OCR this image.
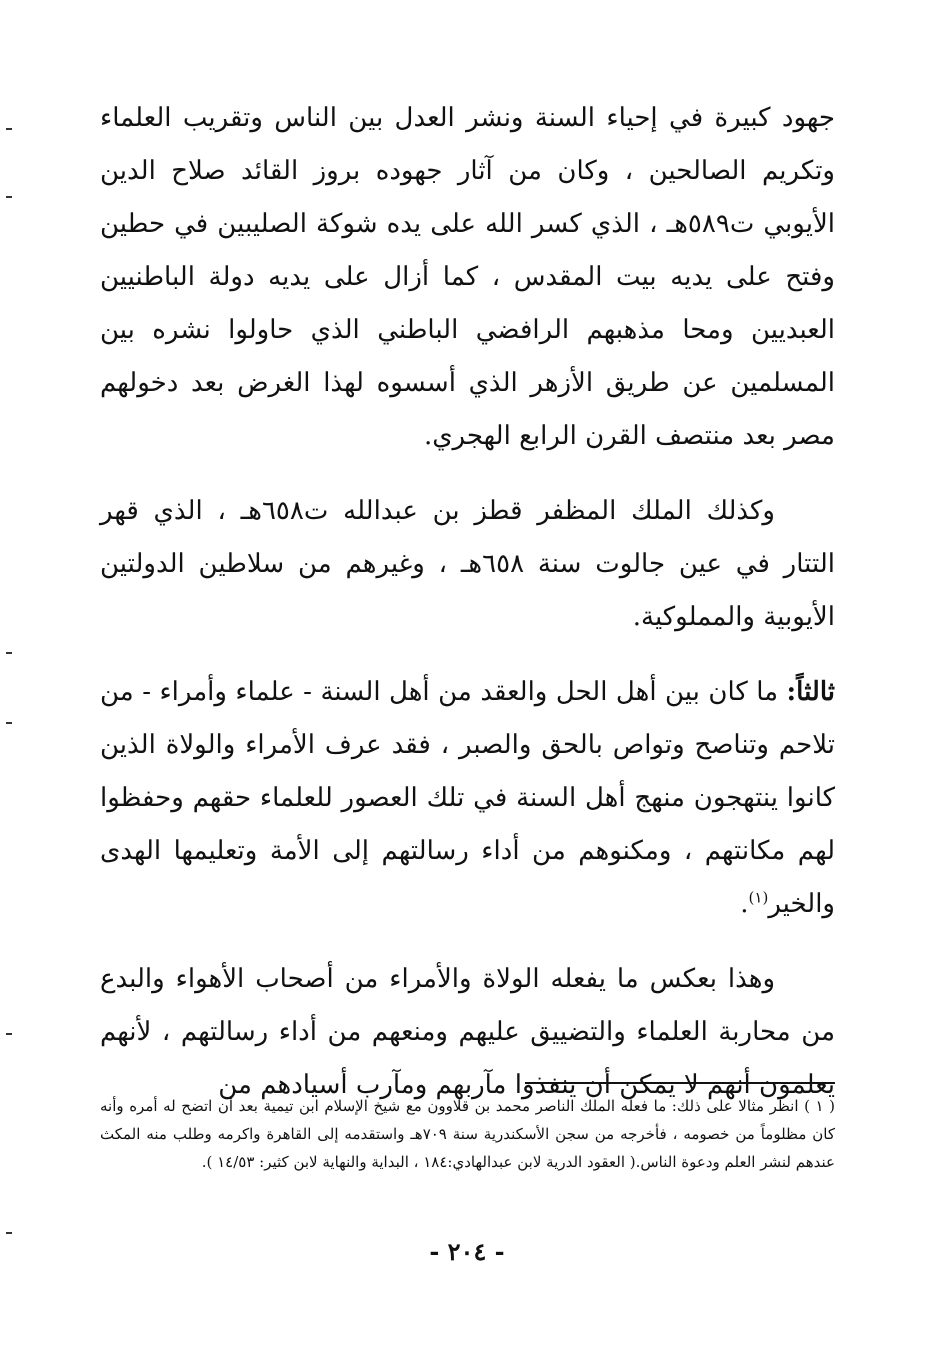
جهود كبيرة في إحياء السنة ونشر العدل بين الناس وتقريب العلماء وتكريم الصالحين ، وكان من آثار جهوده بروز القائد صلاح الدين الأيوبي ت٥٨٩هـ ، الذي كسر الله على يده شوكة الصليبين في حطين وفتح على يديه بيت المقدس ، كما أزال على يديه دولة الباطنيين العبديين ومحا مذهبهم الرافضي الباطني الذي حاولوا نشره بين المسلمين عن طريق الأزهر الذي أسسوه لهذا الغرض بعد دخولهم مصر بعد منتصف القرن الرابع الهجري.

وكذلك الملك المظفر قطز بن عبدالله ت٦٥٨هـ ، الذي قهر التتار في عين جالوت سنة ٦٥٨هـ ، وغيرهم من سلاطين الدولتين الأيوبية والمملوكية.

ثالثاً: ما كان بين أهل الحل والعقد من أهل السنة - علماء وأمراء - من تلاحم وتناصح وتواص بالحق والصبر ، فقد عرف الأمراء والولاة الذين كانوا ينتهجون منهج أهل السنة في تلك العصور للعلماء حقهم وحفظوا لهم مكانتهم ، ومكنوهم من أداء رسالتهم إلى الأمة وتعليمها الهدى والخير$^{(١)}$.

وهذا بعكس ما يفعله الولاة والأمراء من أصحاب الأهواء والبدع من محاربة العلماء والتضييق عليهم ومنعهم من أداء رسالتهم ، لأنهم يعلمون أنهم لا يمكن أن ينفذوا مآربهم ومآرب أسيادهم من

( ١ ) انظر مثالا على ذلك: ما فعله الملك الناصر محمد بن قلاوون مع شيخ الإسلام ابن تيمية بعد أن اتضح له أمره وأنه كان مظلوماً من خصومه ، فأخرجه من سجن الأسكندرية سنة ٧٠٩هـ واستقدمه إلى القاهرة واكرمه وطلب منه المكث عندهم لنشر العلم ودعوة الناس.( العقود الدرية لابن عبدالهادي:١٨٤ ، البداية والنهاية لابن كثير: ١٤/٥٣ ).

- ٢٠٤ -
